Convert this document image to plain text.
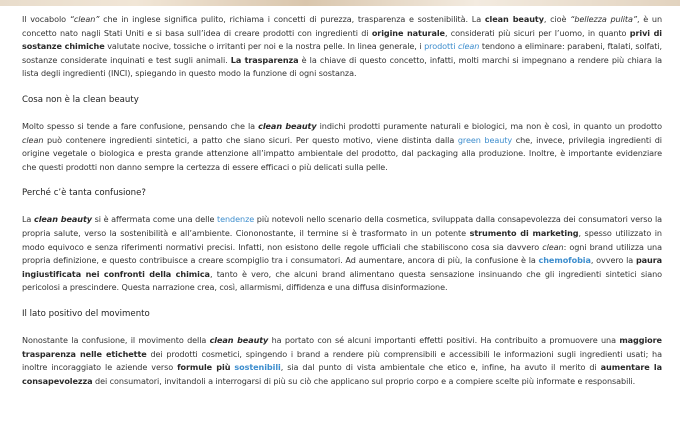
Il vocabolo “clean” che in inglese significa pulito, richiama i concetti di purezza, trasparenza e sostenibilità. La clean beauty, cioè “bellezza pulita”, è un concetto nato nagli Stati Uniti e si basa sull’idea di creare prodotti con ingredienti di origine naturale, considerati più sicuri per l’uomo, in quanto privi di sostanze chimiche valutate nocive, tossiche o irritanti per noi e la nostra pelle. In linea generale, i prodotti clean tendono a eliminare: parabeni, ftalati, solfati, sostanze considerate inquinati e test sugli animali. La trasparenza è la chiave di questo concetto, infatti, molti marchi si impegnano a rendere più chiara la lista degli ingredienti (INCI), spiegando in questo modo la funzione di ogni sostanza.

Cosa non è la clean beauty

Molto spesso si tende a fare confusione, pensando che la clean beauty indichi prodotti puramente naturali e biologici, ma non è così, in quanto un prodotto clean può contenere ingredienti sintetici, a patto che siano sicuri. Per questo motivo, viene distinta dalla green beauty che, invece, privilegia ingredienti di origine vegetale o biologica e presta grande attenzione all’impatto ambientale del prodotto, dal packaging alla produzione. Inoltre, è importante evidenziare che questi prodotti non danno sempre la certezza di essere efficaci o più delicati sulla pelle.

Perché c’è tanta confusione?

La clean beauty si è affermata come una delle tendenze più notevoli nello scenario della cosmetica, sviluppata dalla consapevolezza dei consumatori verso la propria salute, verso la sostenibilità e all’ambiente. Ciononostante, il termine si è trasformato in un potente strumento di marketing, spesso utilizzato in modo equivoco e senza riferimenti normativi precisi. Infatti, non esistono delle regole ufficiali che stabiliscono cosa sia davvero clean: ogni brand utilizza una propria definizione, e questo contribuisce a creare scompiglio tra i consumatori. Ad aumentare, ancora di più, la confusione è la chemofobia, ovvero la paura ingiustificata nei confronti della chimica, tanto è vero, che alcuni brand alimentano questa sensazione insinuando che gli ingredienti sintetici siano pericolosi a prescindere. Questa narrazione crea, così, allarmismi, diffidenza e una diffusa disinformazione.

Il lato positivo del movimento

Nonostante la confusione, il movimento della clean beauty ha portato con sé alcuni importanti effetti positivi. Ha contribuito a promuovere una maggiore trasparenza nelle etichette dei prodotti cosmetici, spingendo i brand a rendere più comprensibili e accessibili le informazioni sugli ingredienti usati; ha inoltre incoraggiato le aziende verso formule più sostenibili, sia dal punto di vista ambientale che etico e, infine, ha avuto il merito di aumentare la consapevolezza dei consumatori, invitandoli a interrogarsi di più su ciò che applicano sul proprio corpo e a compiere scelte più informate e responsabili.
